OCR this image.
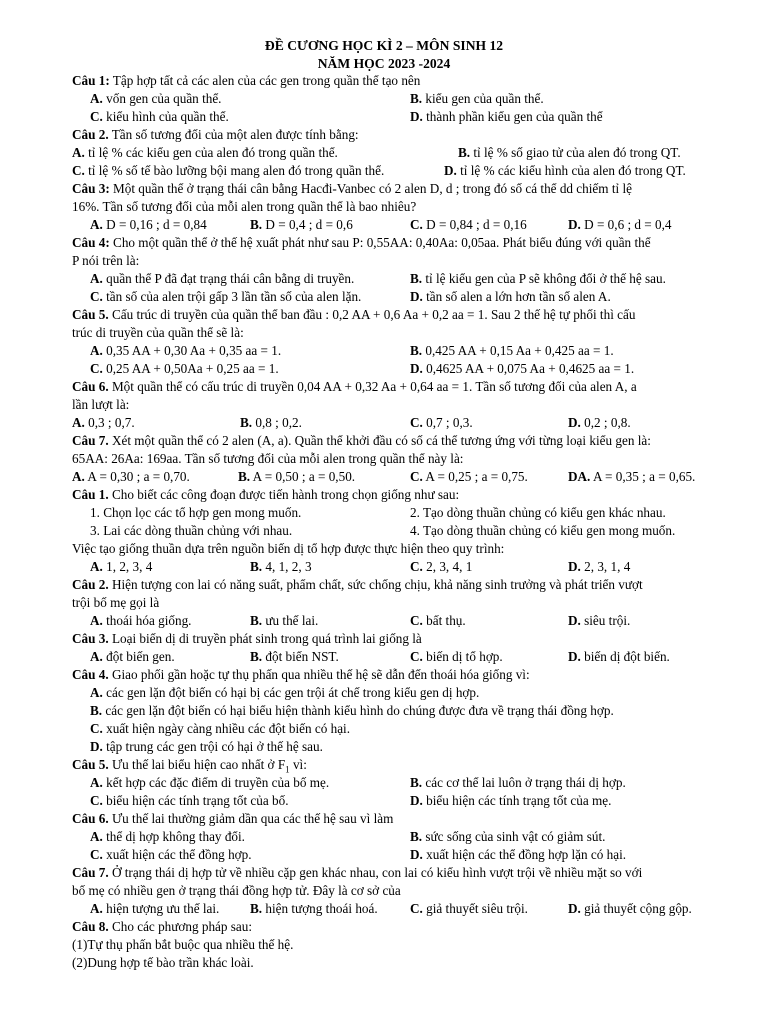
ĐỀ CƯƠNG HỌC KÌ 2 – MÔN SINH 12
NĂM HỌC 2023 -2024
Câu 1: Tập hợp tất cả các alen của các gen trong quần thể tạo nên
A. vốn gen của quần thể.	B. kiểu gen của quần thể.
C. kiểu hình của quần thể.	D. thành phần kiểu gen của quần thể
Câu 2. Tần số tương đối của một alen được tính bằng:
A. tỉ lệ % các kiểu gen của alen đó trong quần thể.	B. tỉ lệ % số giao tử của alen đó trong QT.
C. tỉ lệ % số tế bào lưỡng bội mang alen đó trong quần thể.	D. tỉ lệ % các kiểu hình của alen đó trong QT.
Câu 3: Một quần thể ở trạng thái cân bằng Hacđi-Vanbec có 2 alen D, d ; trong đó số cá thể dd chiếm tỉ lệ
16%. Tần số tương đối của mỗi alen trong quần thể là bao nhiêu?
A. D = 0,16 ; d = 0,84	B. D = 0,4 ; d = 0,6	C. D = 0,84 ; d = 0,16	D. D = 0,6 ; d = 0,4
Câu 4: Cho một quần thể ở thế hệ xuất phát như sau P: 0,55AA: 0,40Aa: 0,05aa. Phát biểu đúng với quần thể
P nói trên là:
A. quần thể P đã đạt trạng thái cân bằng di truyền.	B. tỉ lệ kiểu gen của P sẽ không đổi ở thế hệ sau.
C. tần số của alen trội gấp 3 lần tần số của alen lặn.	D. tần số alen a lớn hơn tần số alen A.
Câu 5. Cấu trúc di truyền của quần thể ban đầu : 0,2 AA + 0,6 Aa + 0,2 aa = 1. Sau 2 thế hệ tự phối thì cấu
trúc di truyền của quần thể sẽ là:
A. 0,35 AA + 0,30 Aa + 0,35 aa = 1.	B. 0,425 AA + 0,15 Aa + 0,425 aa = 1.
C. 0,25 AA + 0,50Aa + 0,25 aa = 1.	D. 0,4625 AA + 0,075 Aa + 0,4625 aa = 1.
Câu 6. Một quần thể có cấu trúc di truyền 0,04 AA + 0,32 Aa + 0,64 aa = 1. Tần số tương đối của alen A, a
lần lượt là:
A. 0,3 ; 0,7.	B. 0,8 ; 0,2.	C. 0,7 ; 0,3.	D. 0,2 ; 0,8.
Câu 7. Xét một quần thể có 2 alen (A, a). Quần thể khởi đầu có số cá thể tương ứng với từng loại kiểu gen là:
65AA: 26Aa: 169aa. Tần số tương đối của mỗi alen trong quần thể này là:
A. A = 0,30 ; a = 0,70.	B. A = 0,50 ; a = 0,50.	C. A = 0,25 ; a = 0,75.	DA. A = 0,35 ; a = 0,65.
Câu 1. Cho biết các công đoạn được tiến hành trong chọn giống như sau:
1. Chọn lọc các tổ hợp gen mong muốn.	2. Tạo dòng thuần chủng có kiểu gen khác nhau.
3. Lai các dòng thuần chủng với nhau.	4. Tạo dòng thuần chủng có kiểu gen mong muốn.
Việc tạo giống thuần dựa trên nguồn biến dị tổ hợp được thực hiện theo quy trình:
A. 1, 2, 3, 4	B. 4, 1, 2, 3	C. 2, 3, 4, 1	D. 2, 3, 1, 4
Câu 2. Hiện tượng con lai có năng suất, phẩm chất, sức chống chịu, khả năng sinh trưởng và phát triển vượt
trội bố mẹ gọi là
A. thoái hóa giống.	B. ưu thế lai.	C. bất thụ.	D. siêu trội.
Câu 3. Loại biến dị di truyền phát sinh trong quá trình lai giống là
A. đột biến gen.	B. đột biến NST.	C. biến dị tổ hợp.	D. biến dị đột biến.
Câu 4. Giao phối gần hoặc tự thụ phấn qua nhiều thế hệ sẽ dẫn đến thoái hóa giống vì:
A. các gen lặn đột biến có hại bị các gen trội át chế trong kiểu gen dị hợp.
B. các gen lặn đột biến có hại biểu hiện thành kiểu hình do chúng được đưa về trạng thái đồng hợp.
C. xuất hiện ngày càng nhiều các đột biến có hại.
D. tập trung các gen trội có hại ở thế hệ sau.
Câu 5. Ưu thế lai biểu hiện cao nhất ở $F_1$ vì:
A. kết hợp các đặc điểm di truyền của bố mẹ.	B. các cơ thể lai luôn ở trạng thái dị hợp.
C. biểu hiện các tính trạng tốt của bố.	D. biểu hiện các tính trạng tốt của mẹ.
Câu 6. Ưu thế lai thường giảm dần qua các thế hệ sau vì làm
A. thể dị hợp không thay đổi.	B. sức sống của sinh vật có giảm sút.
C. xuất hiện các thể đồng hợp.	D. xuất hiện các thể đồng hợp lặn có hại.
Câu 7. Ở trạng thái dị hợp tử về nhiều cặp gen khác nhau, con lai có kiểu hình vượt trội về nhiều mặt so với
bố mẹ có nhiều gen ở trạng thái đồng hợp tử. Đây là cơ sở của
A. hiện tượng ưu thế lai. B. hiện tượng thoái hoá. C. giả thuyết siêu trội.	D. giả thuyết cộng gộp.
Câu 8. Cho các phương pháp sau:
(1)Tự thụ phấn bắt buộc qua nhiều thế hệ.
(2)Dung hợp tế bào trần khác loài.
